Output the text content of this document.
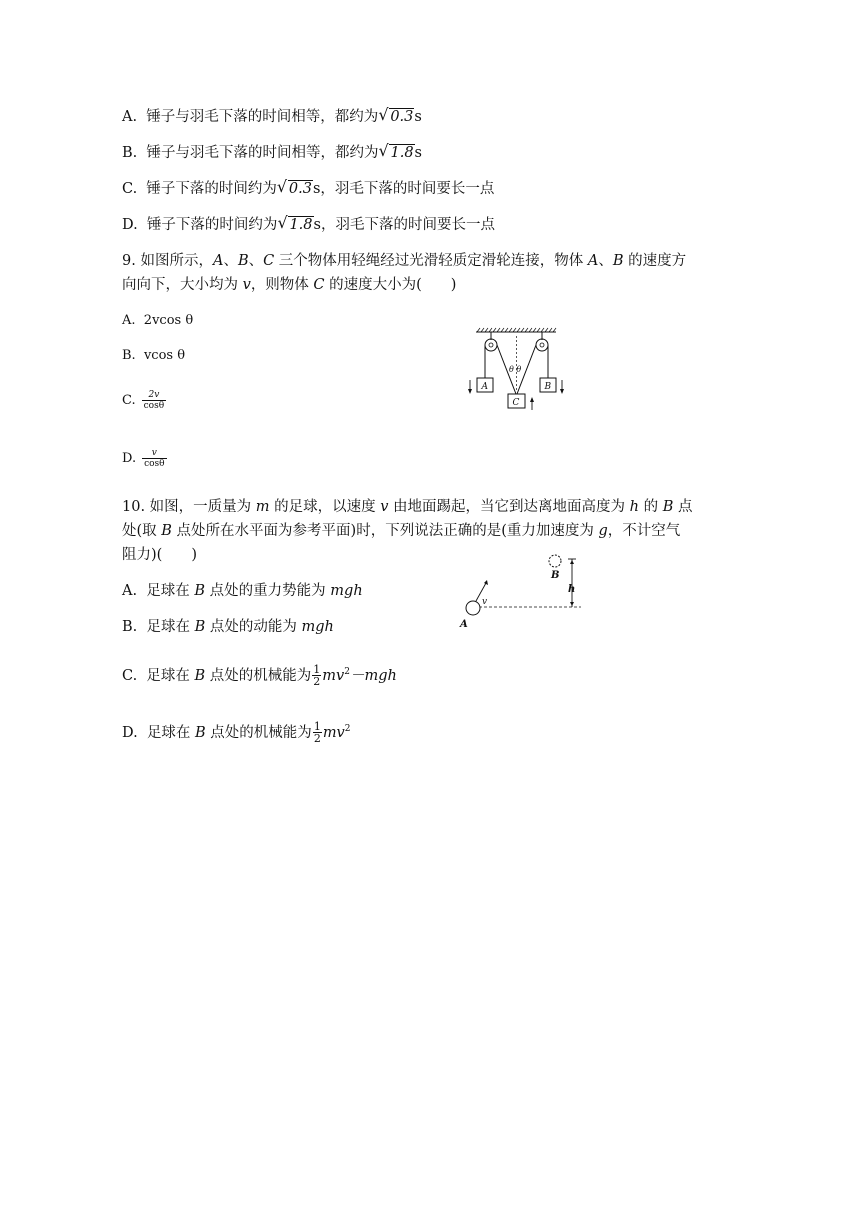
A. 锤子与羽毛下落的时间相等，都约为 √ 0.3s
B. 锤子与羽毛下落的时间相等，都约为 √ 1.8s
C. 锤子下落的时间约为 √ 0.3s，羽毛下落的时间要长一点
D. 锤子下落的时间约为 √ 1.8s，羽毛下落的时间要长一点
9. 如图所示，A、B、C 三个物体用轻绳经过光滑轻质定滑轮连接，物体 A、B 的速度方
向向下，大小均为 v，则物体 C 的速度大小为(　　)
A. 2vcos θ
B. vcos θ
C. $\frac{2v}{\cos\theta}$
D. $\frac{v}{\cos\theta}$
θ θ
A	B
C
10. 如图，一质量为 m 的足球，以速度 v 由地面踢起，当它到达离地面高度为 h 的 B 点
处(取 B 点处所在水平面为参考平面)时，下列说法正确的是(重力加速度为 g，不计空气
阻力)(　　)
A. 足球在 B 点处的重力势能为 mgh
B. 足球在 B 点处的动能为 mgh
C. 足球在 B 点处的机械能为 $\frac{1}{2} mv^2-mgh$
D. 足球在 B 点处的机械能为 $\frac{1}{2} mv^2$
B
h
v
A
